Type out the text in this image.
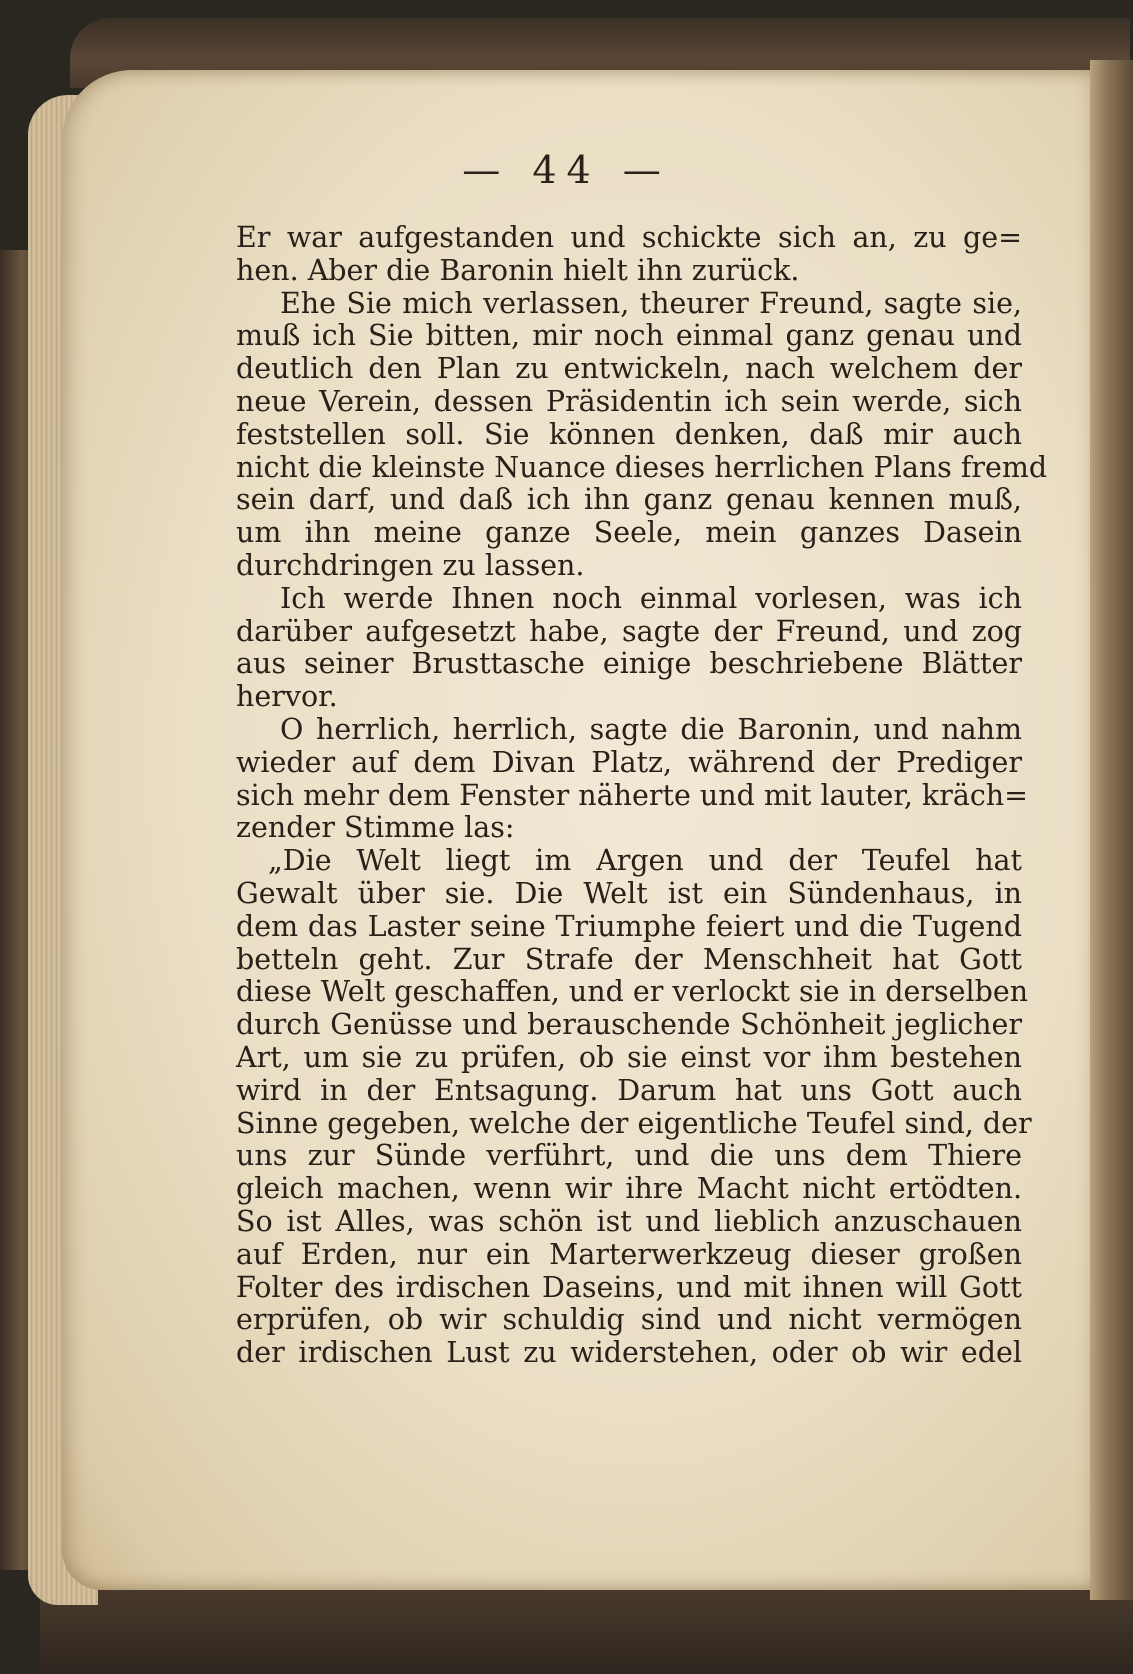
— 44 —
Er war aufgestanden und schickte sich an, zu ge=
hen. Aber die Baronin hielt ihn zurück.
Ehe Sie mich verlassen, theurer Freund, sagte sie,
muß ich Sie bitten, mir noch einmal ganz genau und
deutlich den Plan zu entwickeln, nach welchem der
neue Verein, dessen Präsidentin ich sein werde, sich
feststellen soll. Sie können denken, daß mir auch
nicht die kleinste Nuance dieses herrlichen Plans fremd
sein darf, und daß ich ihn ganz genau kennen muß,
um ihn meine ganze Seele, mein ganzes Dasein
durchdringen zu lassen.
Ich werde Ihnen noch einmal vorlesen, was ich
darüber aufgesetzt habe, sagte der Freund, und zog
aus seiner Brusttasche einige beschriebene Blätter
hervor.
O herrlich, herrlich, sagte die Baronin, und nahm
wieder auf dem Divan Platz, während der Prediger
sich mehr dem Fenster näherte und mit lauter, kräch=
zender Stimme las:
„Die Welt liegt im Argen und der Teufel hat
Gewalt über sie. Die Welt ist ein Sündenhaus, in
dem das Laster seine Triumphe feiert und die Tugend
betteln geht. Zur Strafe der Menschheit hat Gott
diese Welt geschaffen, und er verlockt sie in derselben
durch Genüsse und berauschende Schönheit jeglicher
Art, um sie zu prüfen, ob sie einst vor ihm bestehen
wird in der Entsagung. Darum hat uns Gott auch
Sinne gegeben, welche der eigentliche Teufel sind, der
uns zur Sünde verführt, und die uns dem Thiere
gleich machen, wenn wir ihre Macht nicht ertödten.
So ist Alles, was schön ist und lieblich anzuschauen
auf Erden, nur ein Marterwerkzeug dieser großen
Folter des irdischen Daseins, und mit ihnen will Gott
erprüfen, ob wir schuldig sind und nicht vermögen
der irdischen Lust zu widerstehen, oder ob wir edel
